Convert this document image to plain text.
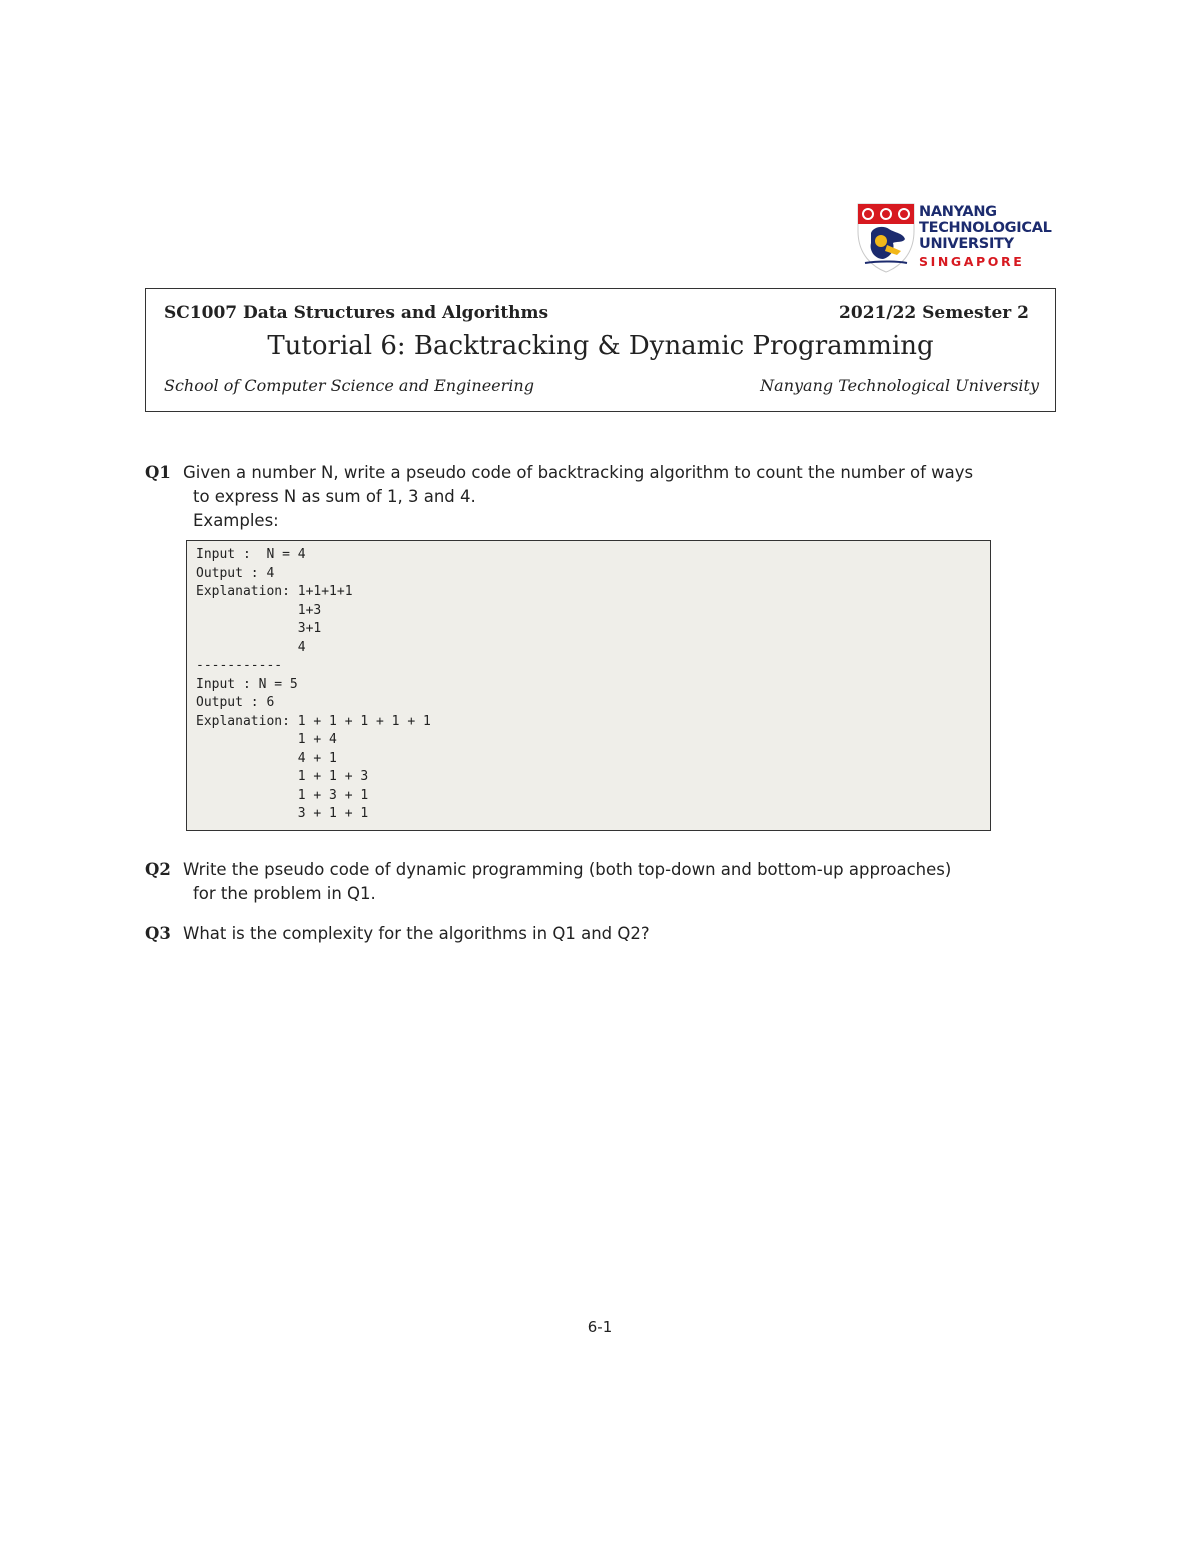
NANYANG
TECHNOLOGICAL
UNIVERSITY
SINGAPORE
SC1007 Data Structures and Algorithms	2021/22 Semester 2
Tutorial 6: Backtracking & Dynamic Programming
School of Computer Science and Engineering	Nanyang Technological University
Q1 Given a number N, write a pseudo code of backtracking algorithm to count the number of ways
to express N as sum of 1, 3 and 4.
Examples:
Input :  N = 4
Output : 4
Explanation: 1+1+1+1
1+3
3+1
4
-----------
Input : N = 5
Output : 6
Explanation: 1 + 1 + 1 + 1 + 1
1 + 4
4 + 1
1 + 1 + 3
1 + 3 + 1
3 + 1 + 1
Q2 Write the pseudo code of dynamic programming (both top-down and bottom-up approaches)
for the problem in Q1.
Q3 What is the complexity for the algorithms in Q1 and Q2?
6-1
